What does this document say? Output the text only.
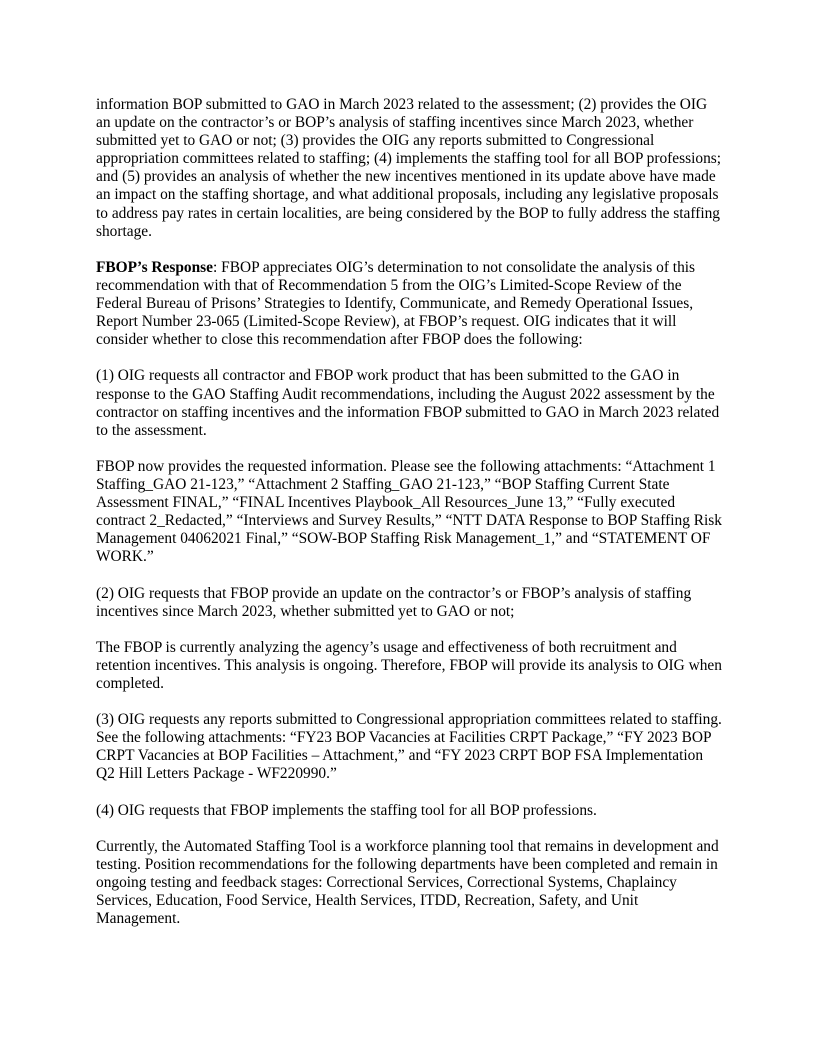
information BOP submitted to GAO in March 2023 related to the assessment; (2) provides the OIG an update on the contractor’s or BOP’s analysis of staffing incentives since March 2023, whether submitted yet to GAO or not; (3) provides the OIG any reports submitted to Congressional appropriation committees related to staffing; (4) implements the staffing tool for all BOP professions; and (5) provides an analysis of whether the new incentives mentioned in its update above have made an impact on the staffing shortage, and what additional proposals, including any legislative proposals to address pay rates in certain localities, are being considered by the BOP to fully address the staffing shortage.

FBOP’s Response: FBOP appreciates OIG’s determination to not consolidate the analysis of this recommendation with that of Recommendation 5 from the OIG’s Limited-Scope Review of the Federal Bureau of Prisons’ Strategies to Identify, Communicate, and Remedy Operational Issues, Report Number 23-065 (Limited-Scope Review), at FBOP’s request. OIG indicates that it will consider whether to close this recommendation after FBOP does the following:

(1) OIG requests all contractor and FBOP work product that has been submitted to the GAO in response to the GAO Staffing Audit recommendations, including the August 2022 assessment by the contractor on staffing incentives and the information FBOP submitted to GAO in March 2023 related to the assessment.

FBOP now provides the requested information. Please see the following attachments: “Attachment 1 Staffing_GAO 21-123,” “Attachment 2 Staffing_GAO 21-123,” “BOP Staffing Current State Assessment FINAL,” “FINAL Incentives Playbook_All Resources_June 13,” “Fully executed contract 2_Redacted,” “Interviews and Survey Results,” “NTT DATA Response to BOP Staffing Risk Management 04062021 Final,” “SOW-BOP Staffing Risk Management_1,” and “STATEMENT OF WORK.”

(2) OIG requests that FBOP provide an update on the contractor’s or FBOP’s analysis of staffing incentives since March 2023, whether submitted yet to GAO or not;

The FBOP is currently analyzing the agency’s usage and effectiveness of both recruitment and retention incentives. This analysis is ongoing. Therefore, FBOP will provide its analysis to OIG when completed.

(3) OIG requests any reports submitted to Congressional appropriation committees related to staffing. See the following attachments: “FY23 BOP Vacancies at Facilities CRPT Package,” “FY 2023 BOP CRPT Vacancies at BOP Facilities – Attachment,” and “FY 2023 CRPT BOP FSA Implementation Q2 Hill Letters Package - WF220990.”

(4) OIG requests that FBOP implements the staffing tool for all BOP professions.

Currently, the Automated Staffing Tool is a workforce planning tool that remains in development and testing. Position recommendations for the following departments have been completed and remain in ongoing testing and feedback stages: Correctional Services, Correctional Systems, Chaplaincy Services, Education, Food Service, Health Services, ITDD, Recreation, Safety, and Unit Management.
